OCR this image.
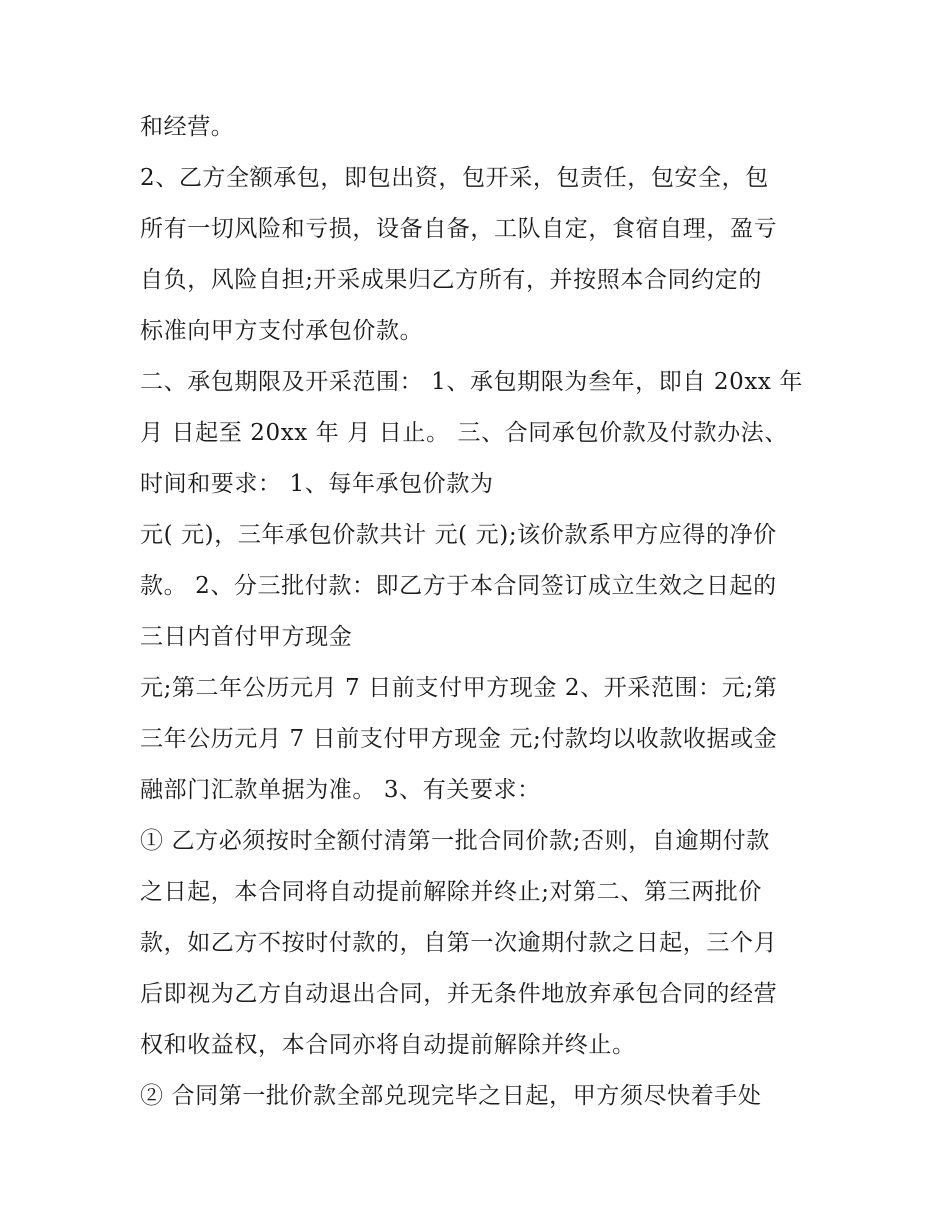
和经营。
2、乙方全额承包，即包出资，包开采，包责任，包安全，包
所有一切风险和亏损，设备自备，工队自定，食宿自理，盈亏
自负，风险自担;开采成果归乙方所有，并按照本合同约定的
标准向甲方支付承包价款。
二、承包期限及开采范围： 1、承包期限为叁年，即自 20xx 年
月 日起至 20xx 年 月 日止。 三、合同承包价款及付款办法、
时间和要求： 1、每年承包价款为
元( 元)，三年承包价款共计 元( 元);该价款系甲方应得的净价
款。 2、分三批付款：即乙方于本合同签订成立生效之日起的
三日内首付甲方现金
元;第二年公历元月 7 日前支付甲方现金 2、开采范围：元;第
三年公历元月 7 日前支付甲方现金 元;付款均以收款收据或金
融部门汇款单据为准。 3、有关要求：
① 乙方必须按时全额付清第一批合同价款;否则，自逾期付款
之日起，本合同将自动提前解除并终止;对第二、第三两批价
款，如乙方不按时付款的，自第一次逾期付款之日起，三个月
后即视为乙方自动退出合同，并无条件地放弃承包合同的经营
权和收益权，本合同亦将自动提前解除并终止。
② 合同第一批价款全部兑现完毕之日起，甲方须尽快着手处
